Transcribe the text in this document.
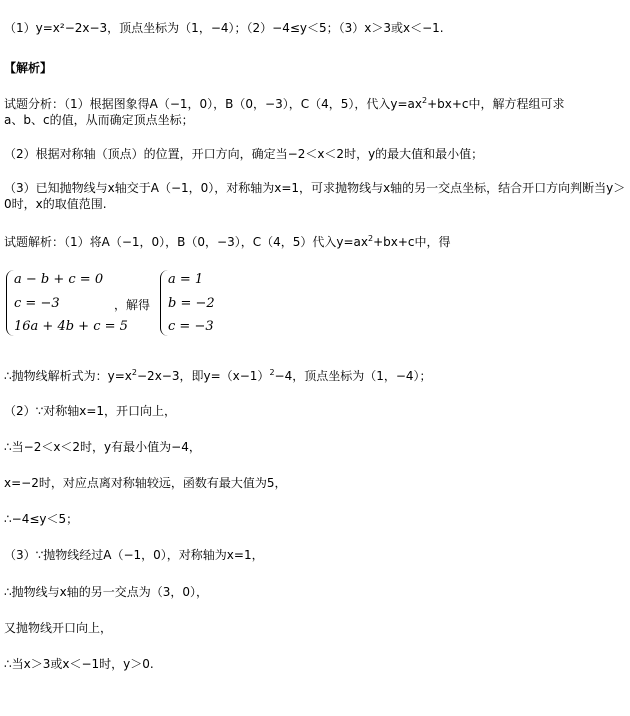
（1）y=x²−2x−3，顶点坐标为（1，−4）；（2）−4≤y＜5；（3）x＞3或x＜−1.
【解析】
试题分析：（1）根据图象得A（−1，0），B（0，−3），C（4，5），代入$y=ax^2+bx+c$中，解方程组可求
a、b、c的值，从而确定顶点坐标；
（2）根据对称轴（顶点）的位置，开口方向，确定当−2＜x＜2时，y的最大值和最小值；
（3）已知抛物线与x轴交于A（−1，0），对称轴为x=1，可求抛物线与x轴的另一交点坐标，结合开口方向判断当y＞0时，x的取值范围.
试题解析：（1）将A（−1，0），B（0，−3），C（4，5）代入$y=ax^2+bx+c$中，得
a − b + c = 0
c = −3
16a + 4b + c = 5
，解得
a = 1
b = −2
c = −3
∴抛物线解析式为：$y=x^2-2x-3$，即$y=(x-1)^2-4$，顶点坐标为（1，−4）；
（2）∵对称轴x=1，开口向上，
∴当−2＜x＜2时，y有最小值为−4，
x=−2时，对应点离对称轴较远，函数有最大值为5，
∴−4≤y＜5；
（3）∵抛物线经过A（−1，0），对称轴为x=1，
∴抛物线与x轴的另一交点为（3，0），
又抛物线开口向上，
∴当x＞3或x＜−1时，y＞0.
